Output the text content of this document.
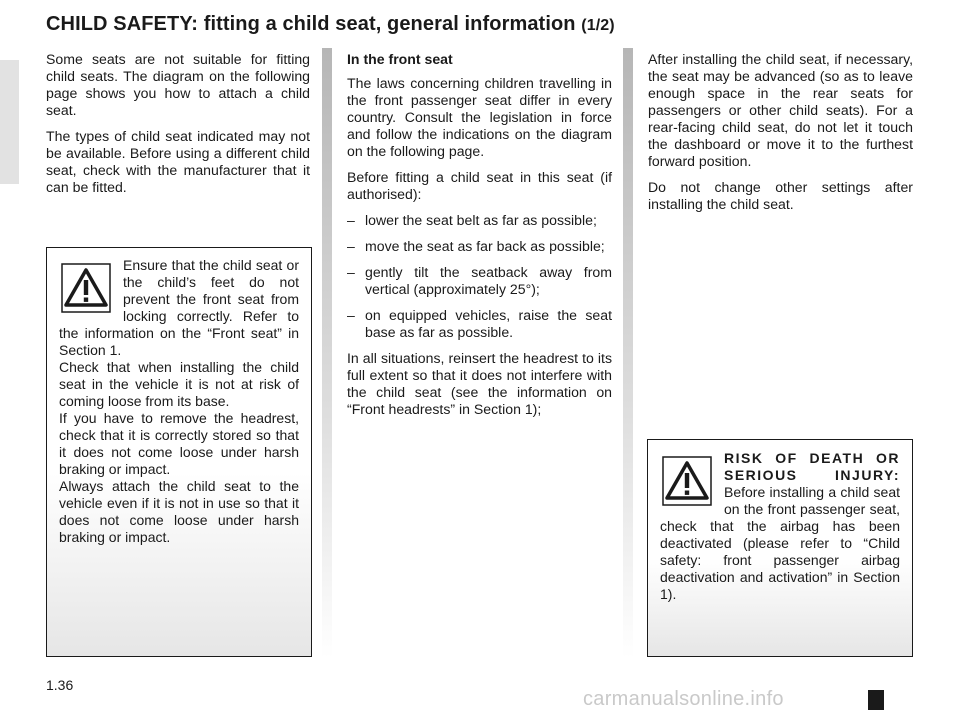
CHILD SAFETY: fitting a child seat, general information (1/2)

Some seats are not suitable for fitting child seats. The diagram on the following page shows you how to attach a child seat.

The types of child seat indicated may not be available. Before using a different child seat, check with the manufacturer that it can be fitted.

Ensure that the child seat or the child’s feet do not prevent the front seat from locking correctly. Refer to the information on the “Front seat” in Section 1.

Check that when installing the child seat in the vehicle it is not at risk of coming loose from its base.

If you have to remove the headrest, check that it is correctly stored so that it does not come loose under harsh braking or impact.

Always attach the child seat to the vehicle even if it is not in use so that it does not come loose under harsh braking or impact.

In the front seat

The laws concerning children travelling in the front passenger seat differ in every country. Consult the legislation in force and follow the indications on the diagram on the following page.

Before fitting a child seat in this seat (if authorised):

– lower the seat belt as far as possible;
– move the seat as far back as possible;
– gently tilt the seatback away from vertical (approximately 25°);
– on equipped vehicles, raise the seat base as far as possible.

In all situations, reinsert the headrest to its full extent so that it does not interfere with the child seat (see the information on “Front headrests” in Section 1);

After installing the child seat, if necessary, the seat may be advanced (so as to leave enough space in the rear seats for passengers or other child seats). For a rear-facing child seat, do not let it touch the dashboard or move it to the furthest forward position.

Do not change other settings after installing the child seat.

RISK OF DEATH OR SERIOUS INJURY: Before installing a child seat on the front passenger seat, check that the airbag has been deactivated (please refer to “Child safety: front passenger airbag deactivation and activation” in Section 1).

1.36

carmanualsonline.info
